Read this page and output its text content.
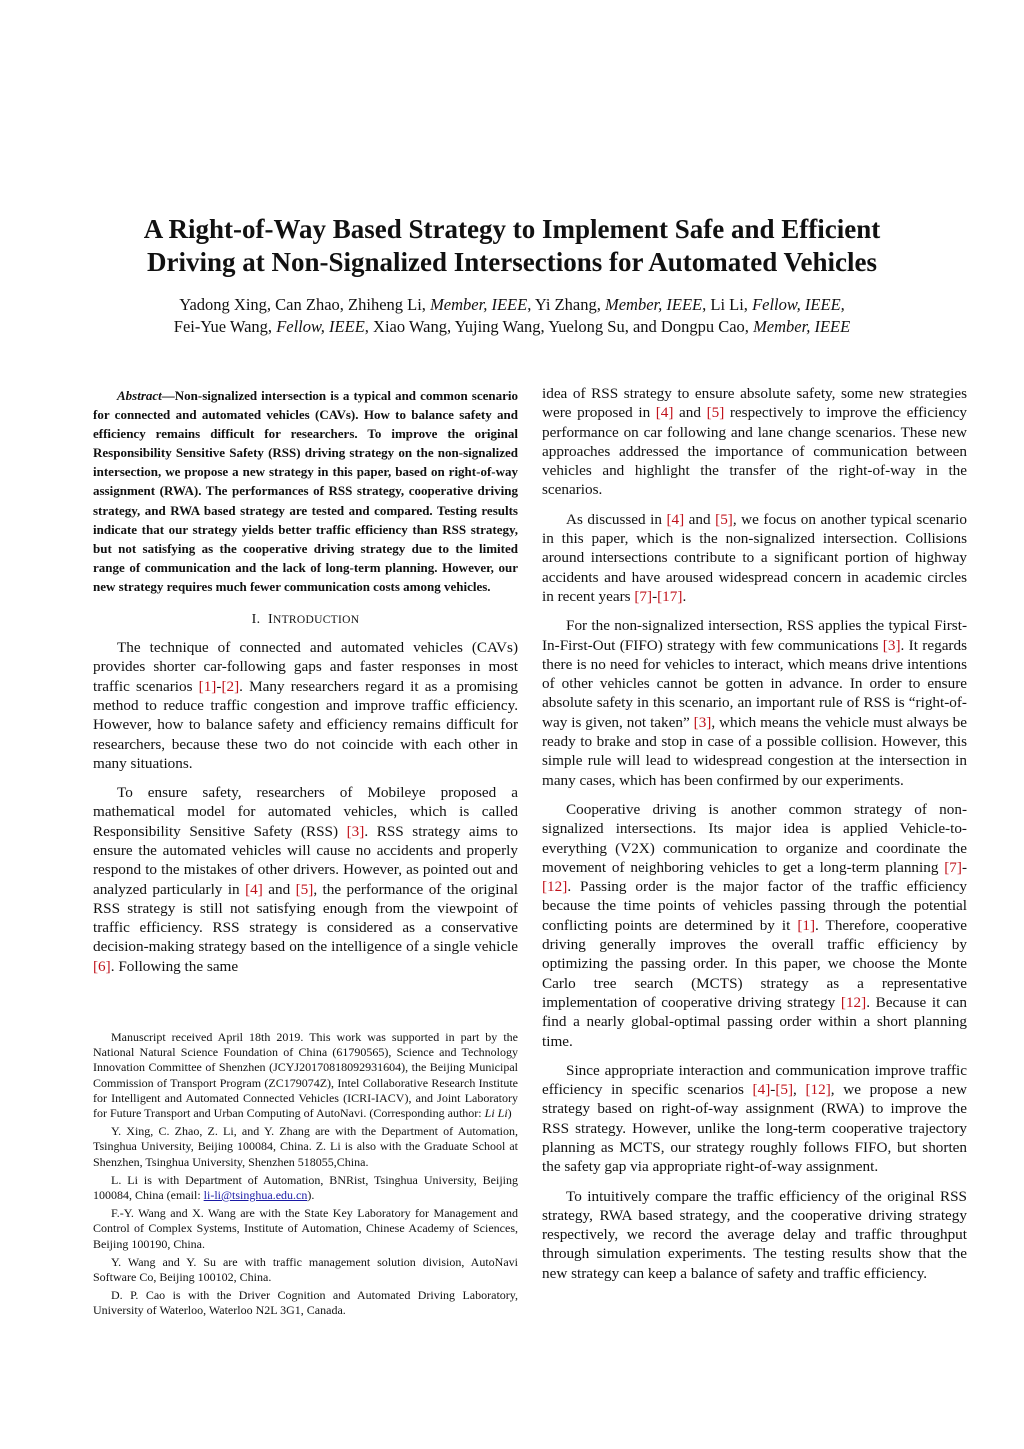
A Right-of-Way Based Strategy to Implement Safe and Efficient
Driving at Non-Signalized Intersections for Automated Vehicles
Yadong Xing, Can Zhao, Zhiheng Li, Member, IEEE, Yi Zhang, Member, IEEE, Li Li, Fellow, IEEE,
Fei-Yue Wang, Fellow, IEEE, Xiao Wang, Yujing Wang, Yuelong Su, and Dongpu Cao, Member, IEEE

Abstract—Non-signalized intersection is a typical and common scenario for connected and automated vehicles (CAVs). How to balance safety and efficiency remains difficult for researchers. To improve the original Responsibility Sensitive Safety (RSS) driving strategy on the non-signalized intersection, we propose a new strategy in this paper, based on right-of-way assignment (RWA). The performances of RSS strategy, cooperative driving strategy, and RWA based strategy are tested and compared. Testing results indicate that our strategy yields better traffic efficiency than RSS strategy, but not satisfying as the cooperative driving strategy due to the limited range of communication and the lack of long-term planning. However, our new strategy requires much fewer communication costs among vehicles.

I. INTRODUCTION

The technique of connected and automated vehicles (CAVs) provides shorter car-following gaps and faster responses in most traffic scenarios [1]-[2]. Many researchers regard it as a promising method to reduce traffic congestion and improve traffic efficiency. However, how to balance safety and efficiency remains difficult for researchers, because these two do not coincide with each other in many situations.

To ensure safety, researchers of Mobileye proposed a mathematical model for automated vehicles, which is called Responsibility Sensitive Safety (RSS) [3]. RSS strategy aims to ensure the automated vehicles will cause no accidents and properly respond to the mistakes of other drivers. However, as pointed out and analyzed particularly in [4] and [5], the performance of the original RSS strategy is still not satisfying enough from the viewpoint of traffic efficiency. RSS strategy is considered as a conservative decision-making strategy based on the intelligence of a single vehicle [6]. Following the same

Manuscript received April 18th 2019. This work was supported in part by the National Natural Science Foundation of China (61790565), Science and Technology Innovation Committee of Shenzhen (JCYJ20170818092931604), the Beijing Municipal Commission of Transport Program (ZC179074Z), Intel Collaborative Research Institute for Intelligent and Automated Connected Vehicles (ICRI-IACV), and Joint Laboratory for Future Transport and Urban Computing of AutoNavi. (Corresponding author: Li Li)

Y. Xing, C. Zhao, Z. Li, and Y. Zhang are with the Department of Automation, Tsinghua University, Beijing 100084, China. Z. Li is also with the Graduate School at Shenzhen, Tsinghua University, Shenzhen 518055,China.

L. Li is with Department of Automation, BNRist, Tsinghua University, Beijing 100084, China (email: li-li@tsinghua.edu.cn).

F.-Y. Wang and X. Wang are with the State Key Laboratory for Management and Control of Complex Systems, Institute of Automation, Chinese Academy of Sciences, Beijing 100190, China.

Y. Wang and Y. Su are with traffic management solution division, AutoNavi Software Co, Beijing 100102, China.

D. P. Cao is with the Driver Cognition and Automated Driving Laboratory, University of Waterloo, Waterloo N2L 3G1, Canada.

idea of RSS strategy to ensure absolute safety, some new strategies were proposed in [4] and [5] respectively to improve the efficiency performance on car following and lane change scenarios. These new approaches addressed the importance of communication between vehicles and highlight the transfer of the right-of-way in the scenarios.

As discussed in [4] and [5], we focus on another typical scenario in this paper, which is the non-signalized intersection. Collisions around intersections contribute to a significant portion of highway accidents and have aroused widespread concern in academic circles in recent years [7]-[17].

For the non-signalized intersection, RSS applies the typical First-In-First-Out (FIFO) strategy with few communications [3]. It regards there is no need for vehicles to interact, which means drive intentions of other vehicles cannot be gotten in advance. In order to ensure absolute safety in this scenario, an important rule of RSS is “right-of-way is given, not taken” [3], which means the vehicle must always be ready to brake and stop in case of a possible collision. However, this simple rule will lead to widespread congestion at the intersection in many cases, which has been confirmed by our experiments.

Cooperative driving is another common strategy of non-signalized intersections. Its major idea is applied Vehicle-to-everything (V2X) communication to organize and coordinate the movement of neighboring vehicles to get a long-term planning [7]-[12]. Passing order is the major factor of the traffic efficiency because the time points of vehicles passing through the potential conflicting points are determined by it [1]. Therefore, cooperative driving generally improves the overall traffic efficiency by optimizing the passing order. In this paper, we choose the Monte Carlo tree search (MCTS) strategy as a representative implementation of cooperative driving strategy [12]. Because it can find a nearly global-optimal passing order within a short planning time.

Since appropriate interaction and communication improve traffic efficiency in specific scenarios [4]-[5], [12], we propose a new strategy based on right-of-way assignment (RWA) to improve the RSS strategy. However, unlike the long-term cooperative trajectory planning as MCTS, our strategy roughly follows FIFO, but shorten the safety gap via appropriate right-of-way assignment.

To intuitively compare the traffic efficiency of the original RSS strategy, RWA based strategy, and the cooperative driving strategy respectively, we record the average delay and traffic throughput through simulation experiments. The testing results show that the new strategy can keep a balance of safety and traffic efficiency.
